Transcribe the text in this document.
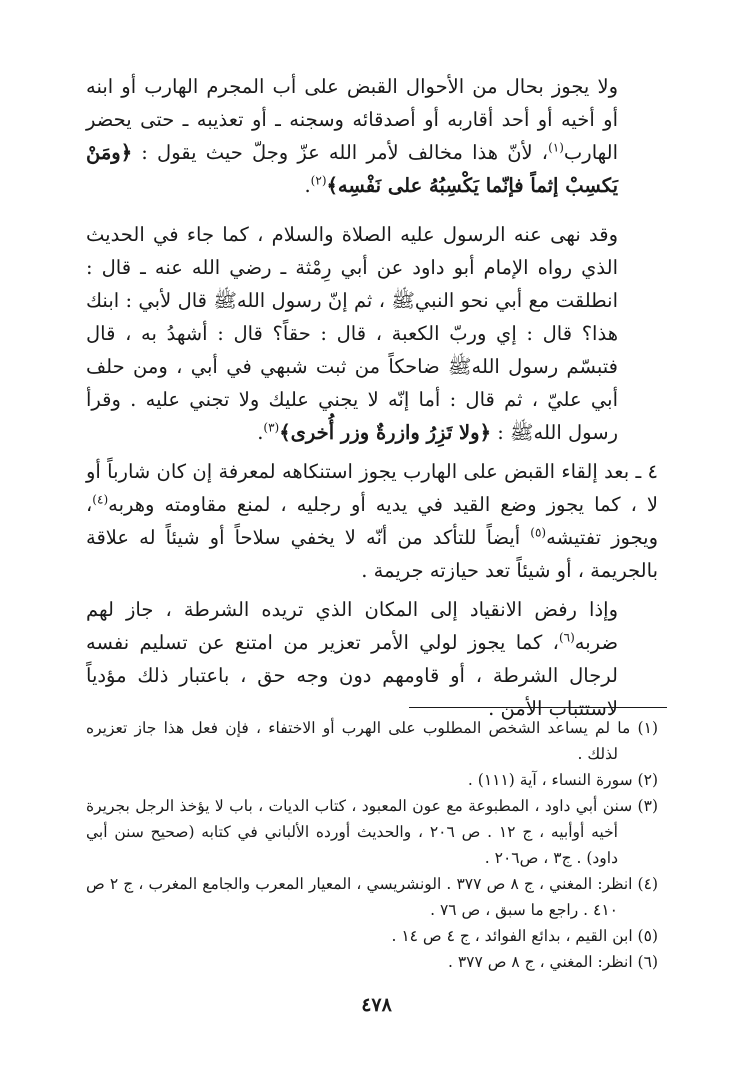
ولا يجوز بحال من الأحوال القبض على أب المجرم الهارب أو ابنه أو أخيه أو أحد أقاربه أو أصدقائه وسجنه ـ أو تعذيبه ـ حتى يحضر الهارب$^{(١)}$، لأنّ هذا مخالف لأمر الله عزّ وجلّ حيث يقول : ﴿ومَنْ يَكسِبْ إثماً فإنّما يَكْسِبُهُ على نَفْسِه﴾$^{(٢)}$.

وقد نهى عنه الرسول عليه الصلاة والسلام ، كما جاء في الحديث الذي رواه الإمام أبو داود عن أبي رِمْثة ـ رضي الله عنه ـ قال : انطلقت مع أبي نحو النبيﷺ ، ثم إنّ رسول اللهﷺ قال لأبي : ابنك هذا؟ قال : إي وربّ الكعبة ، قال : حقاً؟ قال : أشهدُ به ، قال فتبسّم رسول اللهﷺ ضاحكاً من ثبت شبهي في أبي ، ومن حلف أبي عليّ ، ثم قال : أما إنّه لا يجني عليك ولا تجني عليه . وقرأ رسول اللهﷺ : ﴿ولا تَزِرُ وازرةٌ وزر أُخرى﴾$^{(٣)}$.

٤ ـ بعد إلقاء القبض على الهارب يجوز استنكاهه لمعرفة إن كان شارباً أو لا ، كما يجوز وضع القيد في يديه أو رجليه ، لمنع مقاومته وهربه$^{(٤)}$، ويجوز تفتيشه$^{(٥)}$ أيضاً للتأكد من أنّه لا يخفي سلاحاً أو شيئاً له علاقة بالجريمة ، أو شيئاً تعد حيازته جريمة .

وإذا رفض الانقياد إلى المكان الذي تريده الشرطة ، جاز لهم ضربه$^{(٦)}$، كما يجوز لولي الأمر تعزير من امتنع عن تسليم نفسه لرجال الشرطة ، أو قاومهم دون وجه حق ، باعتبار ذلك مؤدياً لاستتباب الأمن .

(١) ما لم يساعد الشخص المطلوب على الهرب أو الاختفاء ، فإن فعل هذا جاز تعزيره لذلك .

(٢) سورة النساء ، آية (١١١) .

(٣) سنن أبي داود ، المطبوعة مع عون المعبود ، كتاب الديات ، باب لا يؤخذ الرجل بجريرة أخيه أوأبيه ، ج ١٢ . ص ٢٠٦ ، والحديث أورده الألباني في كتابه (صحيح سنن أبي داود) . ج٣ ، ص٢٠٦ .

(٤) انظر: المغني ، ج ٨ ص ٣٧٧ . الونشريسي ، المعيار المعرب والجامع المغرب ، ج ٢ ص ٤١٠ . راجع ما سبق ، ص ٧٦ .

(٥) ابن القيم ، بدائع الفوائد ، ج ٤ ص ١٤ .

(٦) انظر: المغني ، ج ٨ ص ٣٧٧ .

٤٧٨
